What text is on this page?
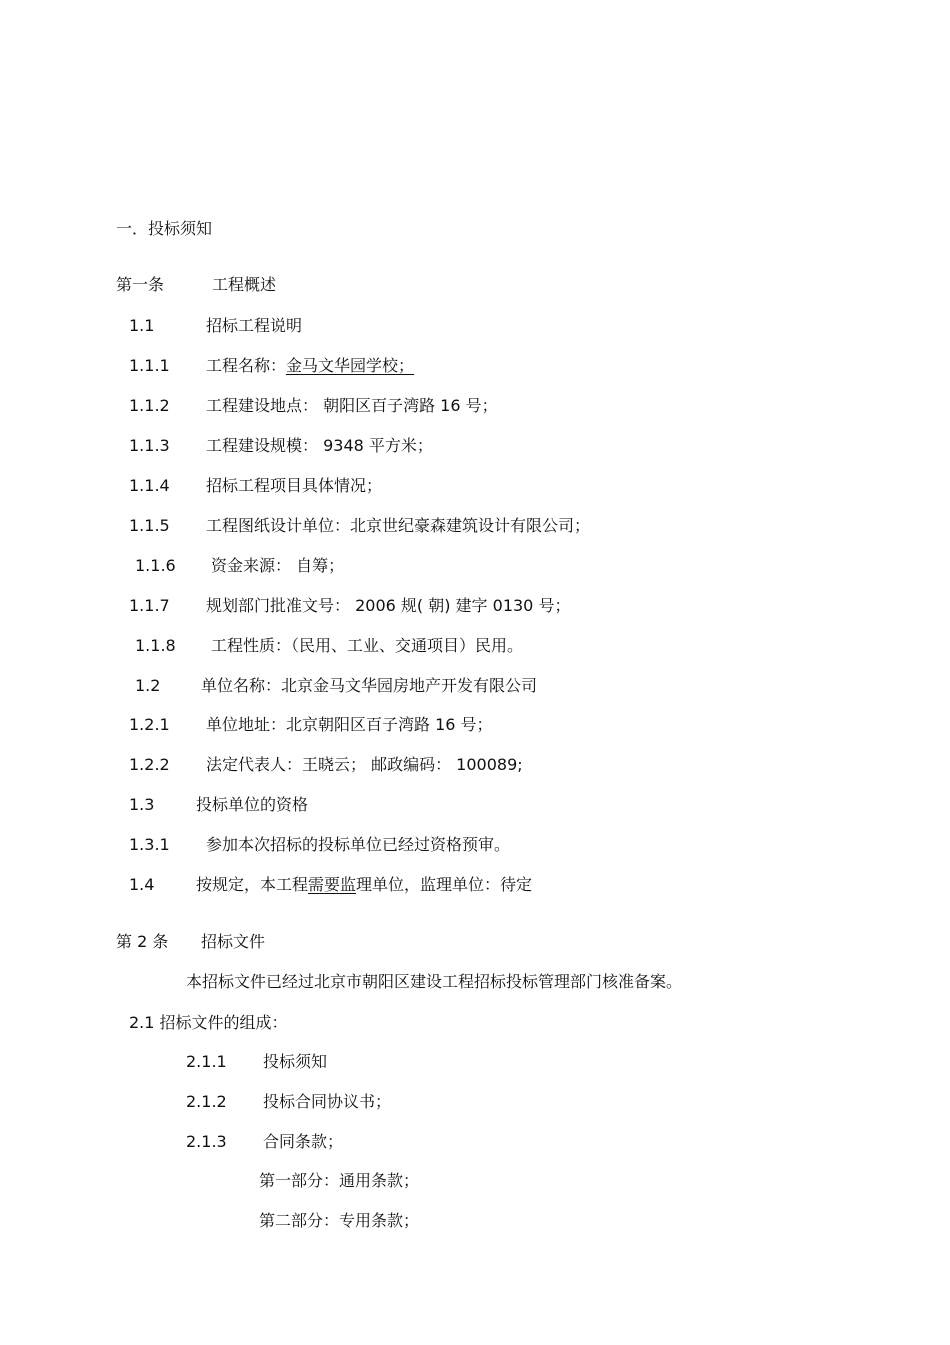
一．投标须知
第一条	工程概述
1.1	招标工程说明
1.1.1 工程名称：金马文华园学校；
1.1.2 工程建设地点： 朝阳区百子湾路 16 号；
1.1.3 工程建设规模： 9348 平方米；
1.1.4 招标工程项目具体情况；
1.1.5 工程图纸设计单位：北京世纪豪森建筑设计有限公司；
1.1.6 资金来源： 自筹；
1.1.7 规划部门批准文号： 2006 规( 朝) 建字 0130 号；
1.1.8 工程性质：（民用、工业、交通项目）民用。
1.2	单位名称：北京金马文华园房地产开发有限公司
1.2.1 单位地址：北京朝阳区百子湾路 16 号；
1.2.2 法定代表人：王晓云； 邮政编码： 100089;
1.3	投标单位的资格
1.3.1 参加本次招标的投标单位已经过资格预审。
1.4	按规定，本工程需要监理单位，监理单位：待定
第 2 条 招标文件
本招标文件已经过北京市朝阳区建设工程招标投标管理部门核准备案。
2.1 招标文件的组成：
2.1.1 投标须知
2.1.2 投标合同协议书；
2.1.3 合同条款；
第一部分：通用条款；
第二部分：专用条款；
